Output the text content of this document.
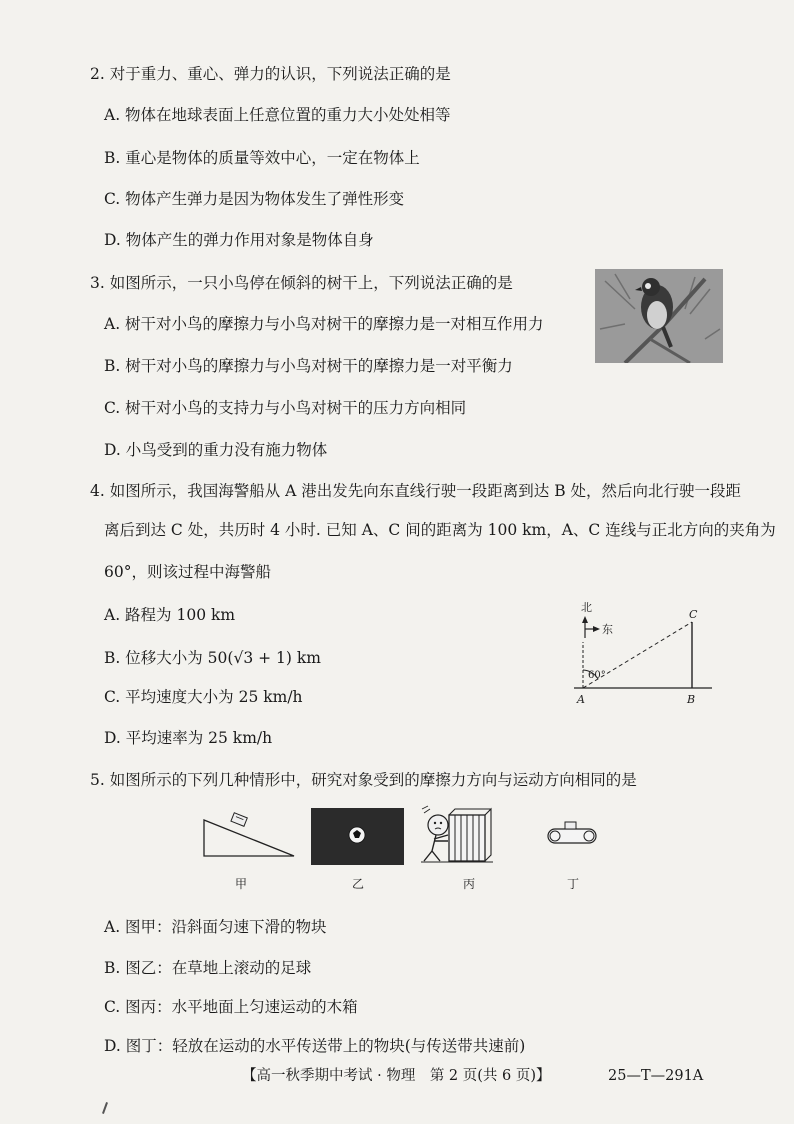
2. 对于重力、重心、弹力的认识，下列说法正确的是
A. 物体在地球表面上任意位置的重力大小处处相等
B. 重心是物体的质量等效中心，一定在物体上
C. 物体产生弹力是因为物体发生了弹性形变
D. 物体产生的弹力作用对象是物体自身
3. 如图所示，一只小鸟停在倾斜的树干上，下列说法正确的是
A. 树干对小鸟的摩擦力与小鸟对树干的摩擦力是一对相互作用力
B. 树干对小鸟的摩擦力与小鸟对树干的摩擦力是一对平衡力
C. 树干对小鸟的支持力与小鸟对树干的压力方向相同
D. 小鸟受到的重力没有施力物体
4. 如图所示，我国海警船从 A 港出发先向东直线行驶一段距离到达 B 处，然后向北行驶一段距
离后到达 C 处，共历时 4 小时. 已知 A、C 间的距离为 100 km，A、C 连线与正北方向的夹角为
60°，则该过程中海警船
A. 路程为 100 km
B. 位移大小为 50(√3 + 1) km
C. 平均速度大小为 25 km/h
D. 平均速率为 25 km/h
北
东
60°
A	B
C
5. 如图所示的下列几种情形中，研究对象受到的摩擦力方向与运动方向相同的是
甲	乙	丙	丁
A. 图甲：沿斜面匀速下滑的物块
B. 图乙：在草地上滚动的足球
C. 图丙：水平地面上匀速运动的木箱
D. 图丁：轻放在运动的水平传送带上的物块(与传送带共速前)
【高一秋季期中考试 · 物理　第 2 页(共 6 页)】	25—T—291A
